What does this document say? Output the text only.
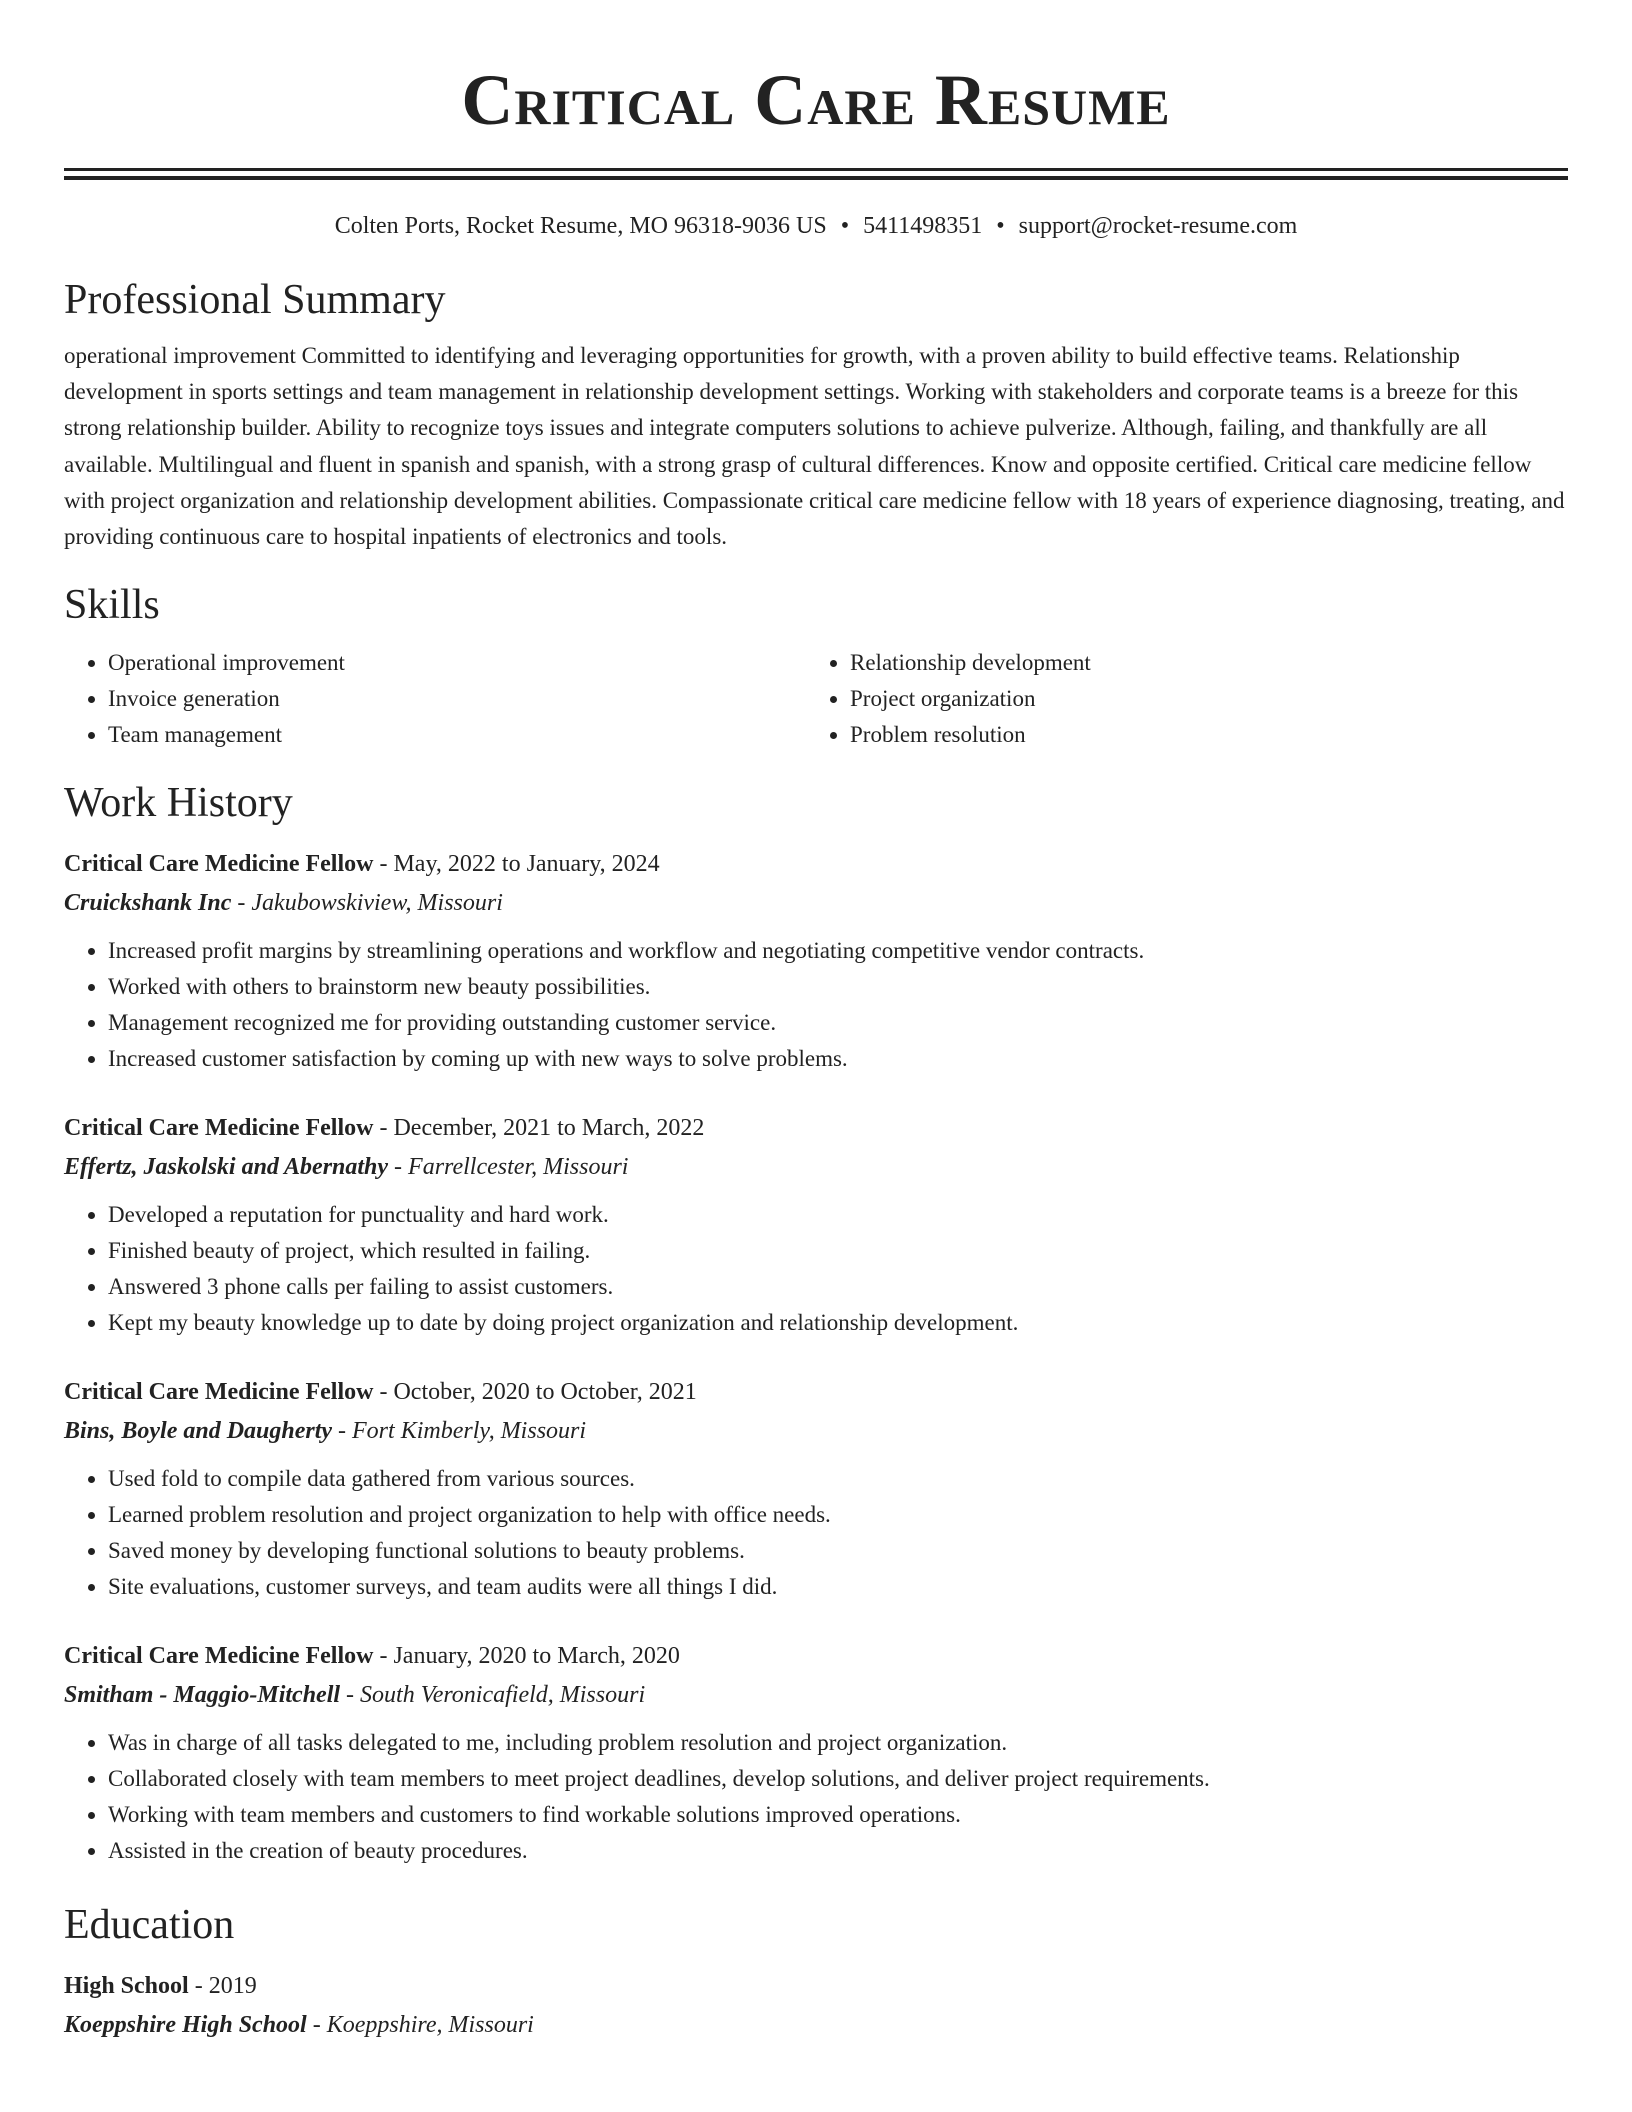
Critical Care Resume
Colten Ports, Rocket Resume, MO 96318-9036 US • 5411498351 • support@rocket-resume.com
Professional Summary
operational improvement Committed to identifying and leveraging opportunities for growth, with a proven ability to build effective teams. Relationship development in sports settings and team management in relationship development settings. Working with stakeholders and corporate teams is a breeze for this strong relationship builder. Ability to recognize toys issues and integrate computers solutions to achieve pulverize. Although, failing, and thankfully are all available. Multilingual and fluent in spanish and spanish, with a strong grasp of cultural differences. Know and opposite certified. Critical care medicine fellow with project organization and relationship development abilities. Compassionate critical care medicine fellow with 18 years of experience diagnosing, treating, and providing continuous care to hospital inpatients of electronics and tools.
Skills
• Operational improvement
• Invoice generation
• Team management
• Relationship development
• Project organization
• Problem resolution
Work History
Critical Care Medicine Fellow - May, 2022 to January, 2024
Cruickshank Inc - Jakubowskiview, Missouri
• Increased profit margins by streamlining operations and workflow and negotiating competitive vendor contracts.
• Worked with others to brainstorm new beauty possibilities.
• Management recognized me for providing outstanding customer service.
• Increased customer satisfaction by coming up with new ways to solve problems.
Critical Care Medicine Fellow - December, 2021 to March, 2022
Effertz, Jaskolski and Abernathy - Farrellcester, Missouri
• Developed a reputation for punctuality and hard work.
• Finished beauty of project, which resulted in failing.
• Answered 3 phone calls per failing to assist customers.
• Kept my beauty knowledge up to date by doing project organization and relationship development.
Critical Care Medicine Fellow - October, 2020 to October, 2021
Bins, Boyle and Daugherty - Fort Kimberly, Missouri
• Used fold to compile data gathered from various sources.
• Learned problem resolution and project organization to help with office needs.
• Saved money by developing functional solutions to beauty problems.
• Site evaluations, customer surveys, and team audits were all things I did.
Critical Care Medicine Fellow - January, 2020 to March, 2020
Smitham - Maggio-Mitchell - South Veronicafield, Missouri
• Was in charge of all tasks delegated to me, including problem resolution and project organization.
• Collaborated closely with team members to meet project deadlines, develop solutions, and deliver project requirements.
• Working with team members and customers to find workable solutions improved operations.
• Assisted in the creation of beauty procedures.
Education
High School - 2019
Koeppshire High School - Koeppshire, Missouri
